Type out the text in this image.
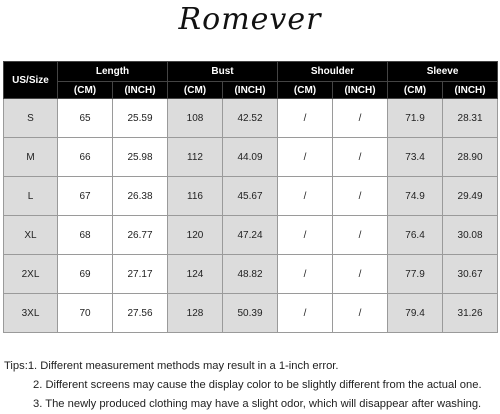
Romever
US/Size	Length		Bust		Shoulder		Sleeve	
	(CM)	(INCH)	(CM)	(INCH)	(CM)	(INCH)	(CM)	(INCH)
S	65	25.59	108	42.52	/	/	71.9	28.31
M	66	25.98	112	44.09	/	/	73.4	28.90
L	67	26.38	116	45.67	/	/	74.9	29.49
XL	68	26.77	120	47.24	/	/	76.4	30.08
2XL	69	27.17	124	48.82	/	/	77.9	30.67
3XL	70	27.56	128	50.39	/	/	79.4	31.26
Tips:1. Different measurement methods may result in a 1-inch error.
2. Different screens may cause the display color to be slightly different from the actual one.
3. The newly produced clothing may have a slight odor, which will disappear after washing.
